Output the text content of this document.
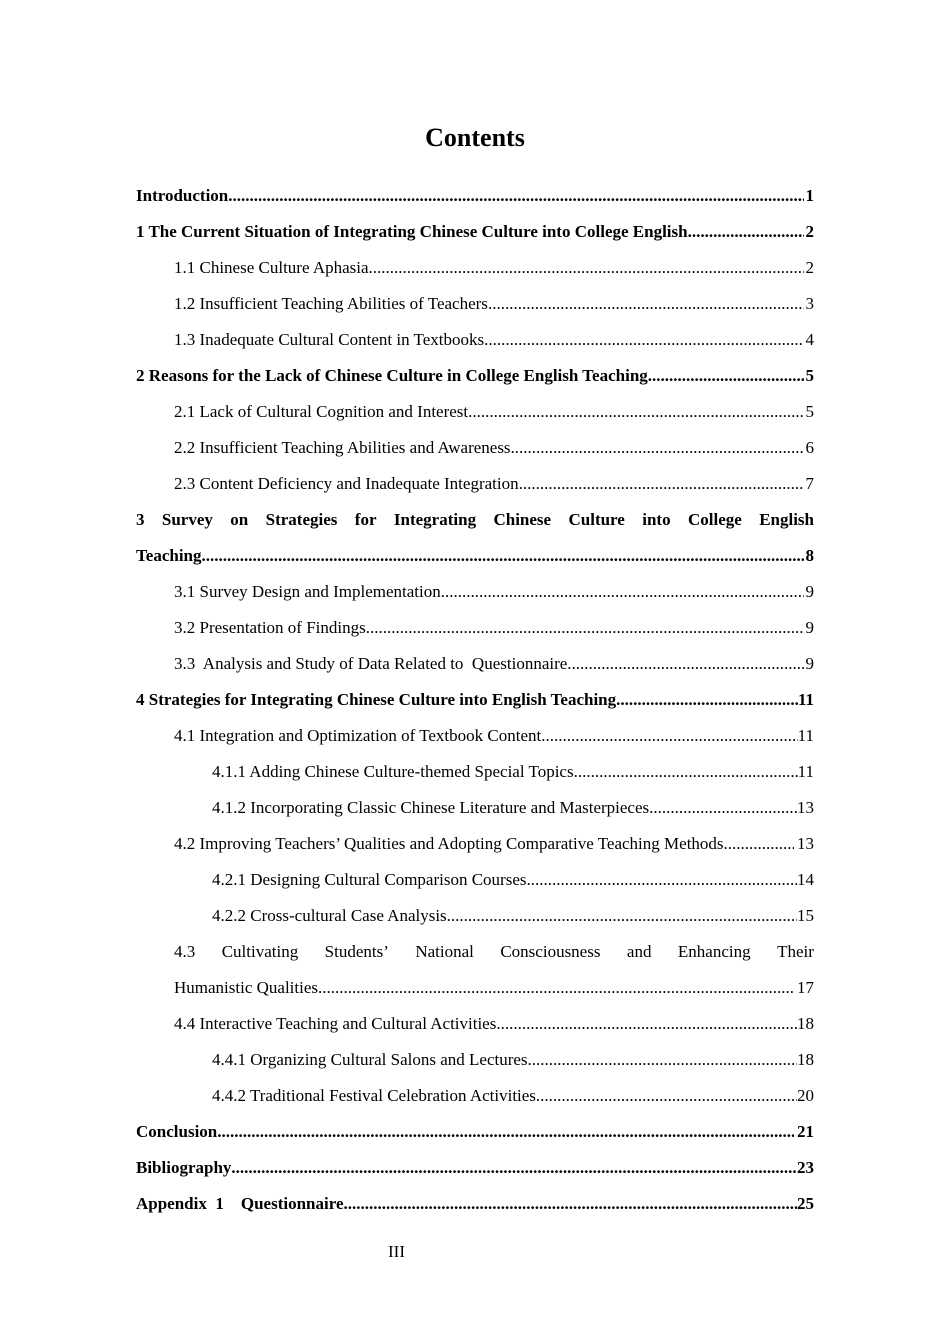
Contents
Introduction .....	1
1 The Current Situation of Integrating Chinese Culture into College English ........ .....	2
1.1 Chinese Culture Aphasia .....	2
1.2 Insufficient Teaching Abilities of Teachers .....	3
1.3 Inadequate Cultural Content in Textbooks .....	4
2 Reasons for the Lack of Chinese Culture in College English Teaching .....	5
2.1 Lack of Cultural Cognition and Interest .....	5
2.2 Insufficient Teaching Abilities and Awareness .....	6
2.3 Content Deficiency and Inadequate Integration .....	7
3 Survey on Strategies for Integrating Chinese Culture into College English
Teaching .....	8
3.1 Survey Design and Implementation .....	9
3.2 Presentation of Findings .....	9
3.3  Analysis and Study of Data Related to  Questionnaire .....	9
4 Strategies for Integrating Chinese Culture into English Teaching .....	11
4.1 Integration and Optimization of Textbook Content .....	11
4.1.1 Adding Chinese Culture-themed Special Topics .....	11
4.1.2 Incorporating Classic Chinese Literature and Masterpieces .....	13
4.2 Improving Teachers’ Qualities and Adopting Comparative Teaching Methods .....	13
4.2.1 Designing Cultural Comparison Courses .....	14
4.2.2 Cross-cultural Case Analysis .....	15
4.3 Cultivating Students’ National Consciousness and Enhancing Their
Humanistic Qualities .....	17
4.4 Interactive Teaching and Cultural Activities .....	18
4.4.1 Organizing Cultural Salons and Lectures .....	18
4.4.2 Traditional Festival Celebration Activities .....	20
Conclusion .....	21
Bibliography .....	23
Appendix  1    Questionnaire .....	25
III
